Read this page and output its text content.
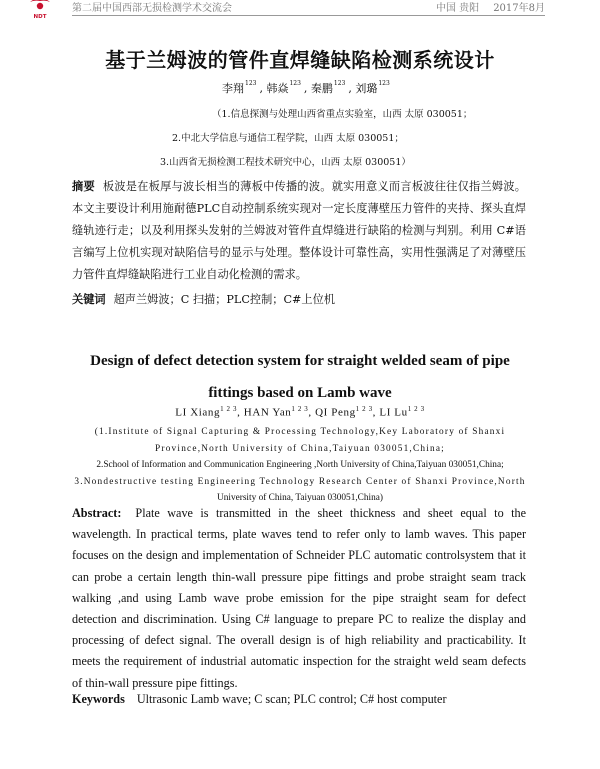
NDT
第二届中国西部无损检测学术交流会	中国 贵阳 2017年8月
基于兰姆波的管件直焊缝缺陷检测系统设计
李翔$^{123}$ , 韩焱$^{123}$ , 秦鹏$^{123}$ , 刘璐$^{123}$
（1.信息探测与处理山西省重点实验室，山西 太原 030051；
2.中北大学信息与通信工程学院，山西 太原 030051；
3.山西省无损检测工程技术研究中心，山西 太原 030051）
摘要 板波是在板厚与波长相当的薄板中传播的波。就实用意义而言板波往往仅指兰姆波。本文主要设计利用施耐德PLC自动控制系统实现对一定长度薄壁压力管件的夹持、探头直焊缝轨迹行走；以及利用探头发射的兰姆波对管件直焊缝进行缺陷的检测与判别。利用 C#语言编写上位机实现对缺陷信号的显示与处理。整体设计可靠性高，实用性强满足了对薄壁压力管件直焊缝缺陷进行工业自动化检测的需求。
关键词 超声兰姆波；C 扫描；PLC控制；C#上位机
Design of defect detection system for straight welded seam of pipe
fittings based on Lamb wave
LI Xiang$^{1 2 3}$, HAN Yan$^{1 2 3}$, QI Peng$^{1 2 3}$, LI $Lu^{1 2 3}$
(1.Institute of Signal Capturing & Processing Technology,Key Laboratory of Shanxi
Province,North University of China,Taiyuan 030051,China;
2.School of Information and Communication Engineering ,North University of China,Taiyuan 030051,China;
3.Nondestructive testing Engineering Technology Research Center of Shanxi Province,North
University of China, Taiyuan 030051,China)
Abstract: Plate wave is transmitted in the sheet thickness and sheet equal to the wavelength. In practical terms, plate waves tend to refer only to lamb waves. This paper focuses on the design and implementation of Schneider PLC automatic controlsystem that it can probe a certain length thin-wall pressure pipe fittings and probe straight seam track walking ,and using Lamb wave probe emission for the pipe straight seam for defect detection and discrimination. Using C# language to prepare PC to realize the display and processing of defect signal. The overall design is of high reliability and practicability. It meets the requirement of industrial automatic inspection for the straight weld seam defects of thin-wall pressure pipe fittings.
Keywords Ultrasonic Lamb wave; C scan; PLC control; C# host computer
